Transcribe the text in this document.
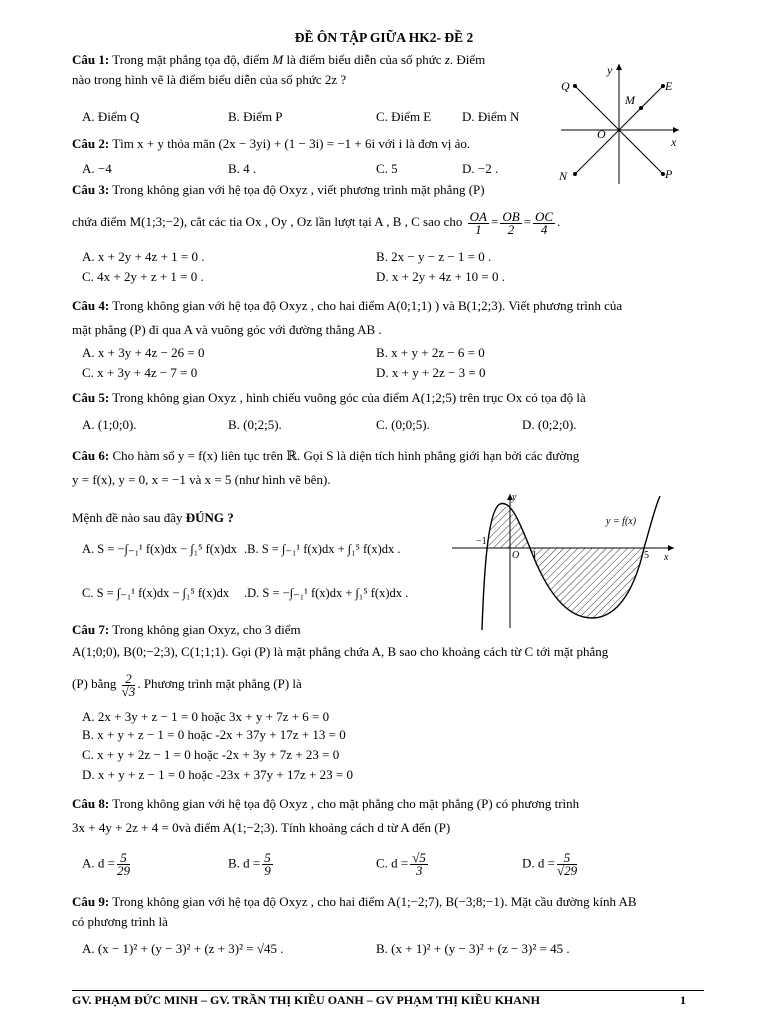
ĐỀ ÔN TẬP GIỮA HK2- ĐỀ 2
Câu 1: Trong mặt phẳng tọa độ, điểm M là điểm biểu diễn của số phức z. Điểm
nào trong hình vẽ là điểm biểu diễn của số phức 2z ?
A. Điểm Q	B. Điểm P	C. Điểm E D. Điểm N
y
x
O
Q
M
E
N	P
Câu 2: Tìm x + y thỏa mãn (2x − 3yi) + (1 − 3i) = −1 + 6i với i là đơn vị ảo.
A. −4	B. 4 .	C. 5	D. −2 .
Câu 3: Trong không gian với hệ tọa độ Oxyz , viết phương trình mặt phẳng (P)
chứa điểm M(1;3;−2), cắt các tia Ox , Oy , Oz lần lượt tại A , B , C sao cho $\frac{OA}{1} = \frac{OB}{2} = \frac{OC}{4}$ .
A. x + 2y + 4z + 1 = 0 .	B. 2x − y − z − 1 = 0 .
C. 4x + 2y + z + 1 = 0 .	D. x + 2y + 4z + 10 = 0 .
Câu 4: Trong không gian với hệ tọa độ Oxyz , cho hai điểm A(0;1;1) ) và B(1;2;3). Viết phương trình của
mặt phẳng (P) đi qua A và vuông góc với đường thẳng AB .
A. x + 3y + 4z − 26 = 0	B. x + y + 2z − 6 = 0
C. x + 3y + 4z − 7 = 0	D. x + y + 2z − 3 = 0
Câu 5: Trong không gian Oxyz , hình chiếu vuông góc của điểm A(1;2;5) trên trục Ox có tọa độ là
A. (1;0;0).	B. (0;2;5).	C. (0;0;5).	D. (0;2;0).
Câu 6: Cho hàm số y = f(x) liên tục trên ℝ. Gọi S là diện tích hình phẳng giới hạn bởi các đường
y = f(x), y = 0, x = −1 và x = 5 (như hình vẽ bên).
Mệnh đề nào sau đây ĐÚNG ?
A. S = −∫₋₁¹ f(x)dx − ∫₁⁵ f(x)dx .B. S = ∫₋₁¹ f(x)dx + ∫₁⁵ f(x)dx .
C. S = ∫₋₁¹ f(x)dx − ∫₁⁵ f(x)dx .D. S = −∫₋₁¹ f(x)dx + ∫₁⁵ f(x)dx .
y
x
O
−1
1	5
y = f(x)
Câu 7: Trong không gian Oxyz, cho 3 điểm
A(1;0;0), B(0;−2;3), C(1;1;1). Gọi (P) là mặt phẳng chứa A, B sao cho khoảng cách từ C tới mặt phẳng
(P) bằng $\frac{2}{√3}$ . Phương trình mặt phẳng (P) là
A. 2x + 3y + z − 1 = 0 hoặc 3x + y + 7z + 6 = 0
B. x + y + z − 1 = 0 hoặc -2x + 37y + 17z + 13 = 0
C. x + y + 2z − 1 = 0 hoặc -2x + 3y + 7z + 23 = 0
D. x + y + z − 1 = 0 hoặc -23x + 37y + 17z + 23 = 0
Câu 8: Trong không gian với hệ tọa độ Oxyz , cho mặt phẳng cho mặt phẳng (P) có phương trình
3x + 4y + 2z + 4 = 0và điểm A(1;−2;3). Tính khoảng cách d từ A đến (P)
A. $d = \frac{5}{29}$	B. $d = \frac{5}{9}$	C. $d = \frac{√5}{3}$	D. $d = \frac{5}{√29}$
Câu 9: Trong không gian với hệ tọa độ Oxyz , cho hai điểm A(1;−2;7), B(−3;8;−1). Mặt cầu đường kính AB
có phương trình là
A. (x − 1)² + (y − 3)² + (z + 3)² = √45 .	B. (x + 1)² + (y − 3)² + (z − 3)² = 45 .
GV. PHẠM ĐỨC MINH – GV. TRẦN THỊ KIỀU OANH – GV PHẠM THỊ KIỀU KHANH	1
